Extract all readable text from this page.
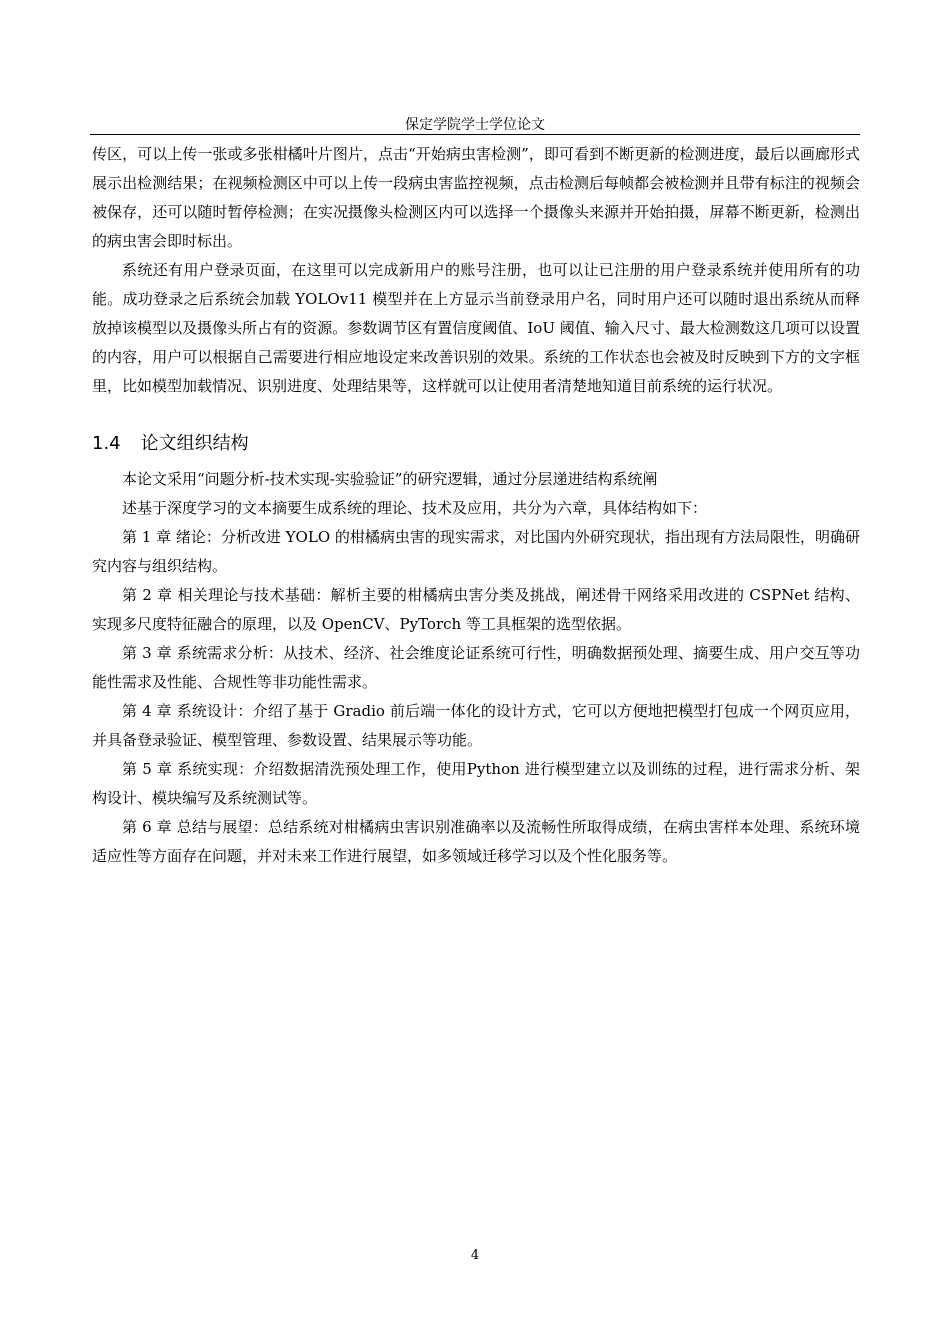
保定学院学士学位论文

传区，可以上传一张或多张柑橘叶片图片，点击“开始病虫害检测”，即可看到不断更新的检测进度，最后以画廊形式展示出检测结果；在视频检测区中可以上传一段病虫害监控视频，点击检测后每帧都会被检测并且带有标注的视频会被保存，还可以随时暂停检测；在实况摄像头检测区内可以选择一个摄像头来源并开始拍摄，屏幕不断更新，检测出的病虫害会即时标出。

系统还有用户登录页面，在这里可以完成新用户的账号注册，也可以让已注册的用户登录系统并使用所有的功能。成功登录之后系统会加载 YOLOv11 模型并在上方显示当前登录用户名，同时用户还可以随时退出系统从而释放掉该模型以及摄像头所占有的资源。参数调节区有置信度阈值、IoU 阈值、输入尺寸、最大检测数这几项可以设置的内容，用户可以根据自己需要进行相应地设定来改善识别的效果。系统的工作状态也会被及时反映到下方的文字框里，比如模型加载情况、识别进度、处理结果等，这样就可以让使用者清楚地知道目前系统的运行状况。

1.4 论文组织结构

本论文采用“问题分析-技术实现-实验验证”的研究逻辑，通过分层递进结构系统阐

述基于深度学习的文本摘要生成系统的理论、技术及应用，共分为六章，具体结构如下：

第 1 章 绪论：分析改进 YOLO 的柑橘病虫害的现实需求，对比国内外研究现状，指出现有方法局限性，明确研究内容与组织结构。

第 2 章 相关理论与技术基础：解析主要的柑橘病虫害分类及挑战，阐述骨干网络采用改进的 CSPNet 结构、实现多尺度特征融合的原理，以及 OpenCV、PyTorch 等工具框架的选型依据。

第 3 章 系统需求分析：从技术、经济、社会维度论证系统可行性，明确数据预处理、摘要生成、用户交互等功能性需求及性能、合规性等非功能性需求。

第 4 章 系统设计：介绍了基于 Gradio 前后端一体化的设计方式，它可以方便地把模型打包成一个网页应用，并具备登录验证、模型管理、参数设置、结果展示等功能。

第 5 章 系统实现：介绍数据清洗预处理工作，使用Python 进行模型建立以及训练的过程，进行需求分析、架构设计、模块编写及系统测试等。

第 6 章 总结与展望：总结系统对柑橘病虫害识别准确率以及流畅性所取得成绩，在病虫害样本处理、系统环境适应性等方面存在问题，并对未来工作进行展望，如多领域迁移学习以及个性化服务等。

4
